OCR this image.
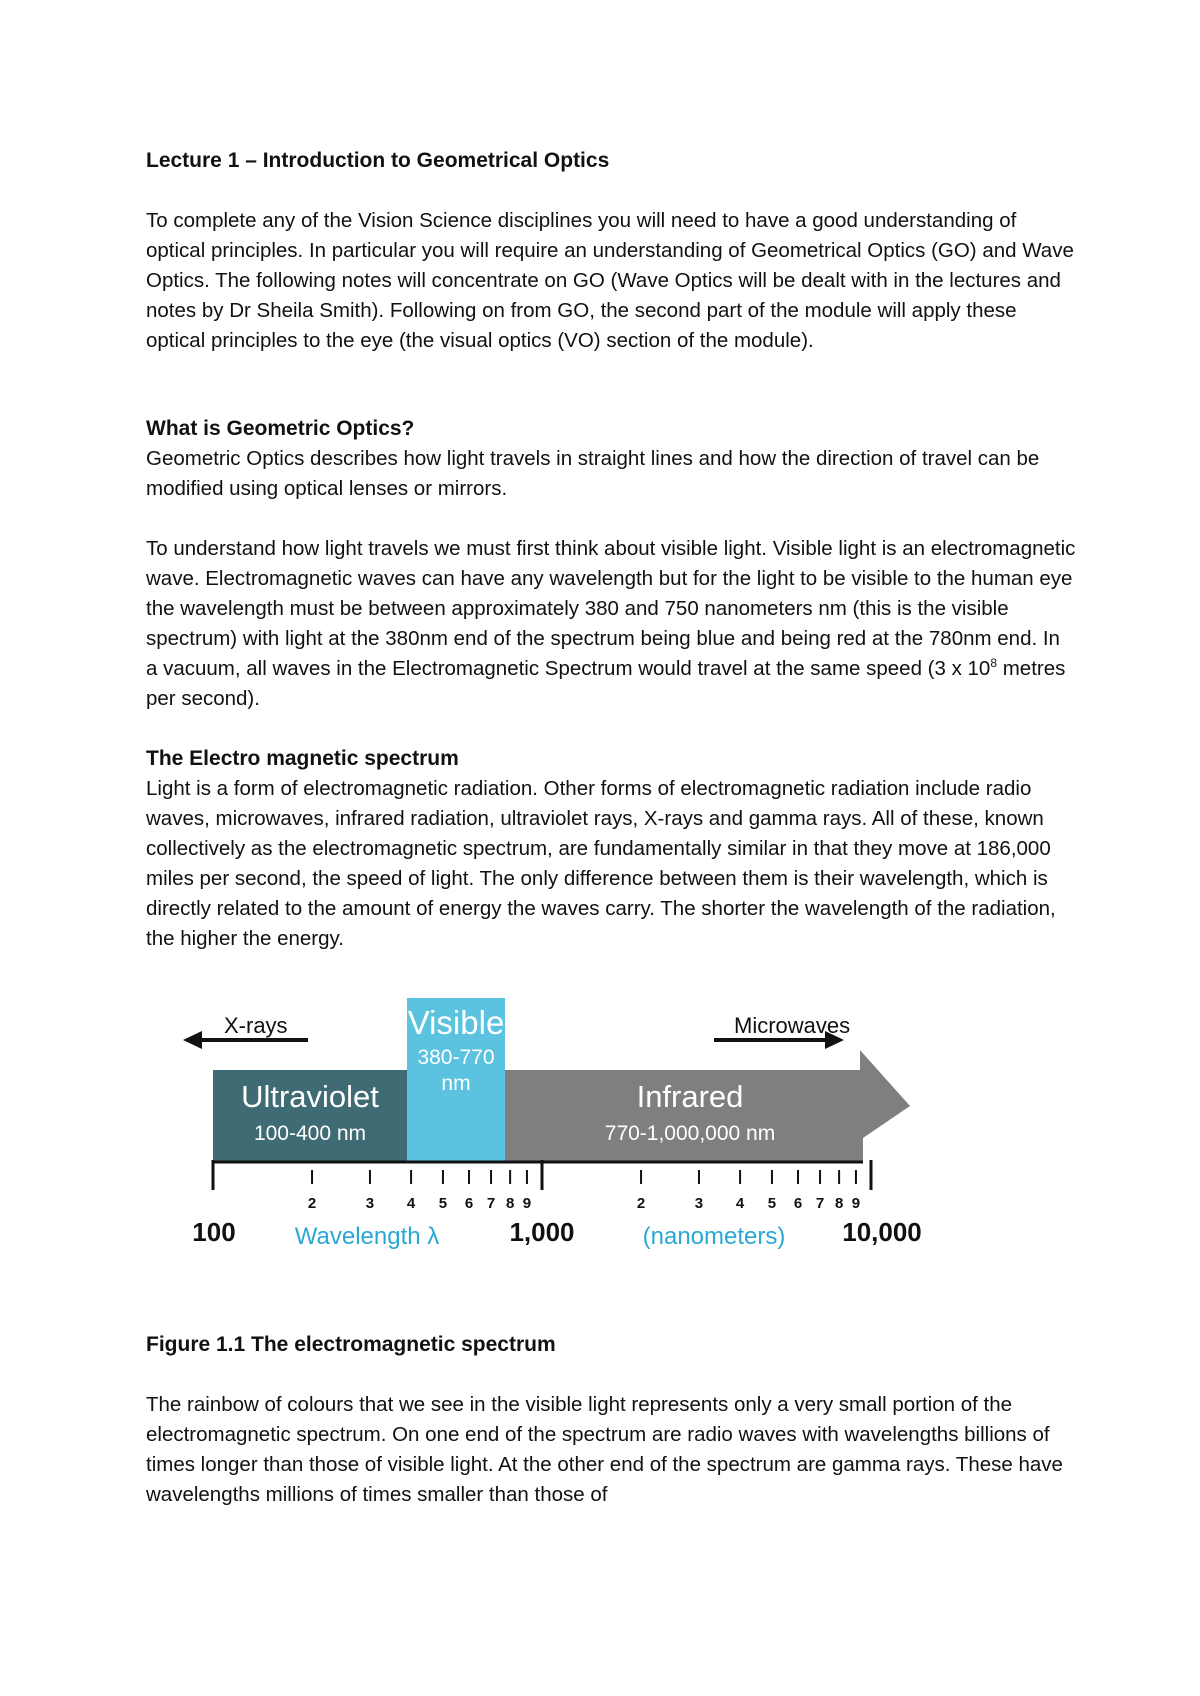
Lecture 1 – Introduction to Geometrical Optics

To complete any of the Vision Science disciplines you will need to have a good understanding of optical principles. In particular you will require an understanding of Geometrical Optics (GO) and Wave Optics. The following notes will concentrate on GO (Wave Optics will be dealt with in the lectures and notes by Dr Sheila Smith). Following on from GO, the second part of the module will apply these optical principles to the eye (the visual optics (VO) section of the module).

What is Geometric Optics?

Geometric Optics describes how light travels in straight lines and how the direction of travel can be modified using optical lenses or mirrors.

To understand how light travels we must first think about visible light. Visible light is an electromagnetic wave. Electromagnetic waves can have any wavelength but for the light to be visible to the human eye the wavelength must be between approximately 380 and 750 nanometers nm (this is the visible spectrum) with light at the 380nm end of the spectrum being blue and being red at the 780nm end. In a vacuum, all waves in the Electromagnetic Spectrum would travel at the same speed (3 x $10^8$ metres per second).

The Electro magnetic spectrum

Light is a form of electromagnetic radiation. Other forms of electromagnetic radiation include radio waves, microwaves, infrared radiation, ultraviolet rays, X-rays and gamma rays. All of these, known collectively as the electromagnetic spectrum, are fundamentally similar in that they move at 186,000 miles per second, the speed of light. The only difference between them is their wavelength, which is directly related to the amount of energy the waves carry. The shorter the wavelength of the radiation, the higher the energy.

X-rays	Microwaves
Visible
380-770
nm
Ultraviolet
100-400 nm
Infrared
770-1,000,000 nm
2	3 4 5 6 7 8 9	2	3 4 5 6 7 8 9
100 Wavelength λ	1,000	(nanometers) 10,000

Figure 1.1 The electromagnetic spectrum

The rainbow of colours that we see in the visible light represents only a very small portion of the electromagnetic spectrum. On one end of the spectrum are radio waves with wavelengths billions of times longer than those of visible light. At the other end of the spectrum are gamma rays. These have wavelengths millions of times smaller than those of
